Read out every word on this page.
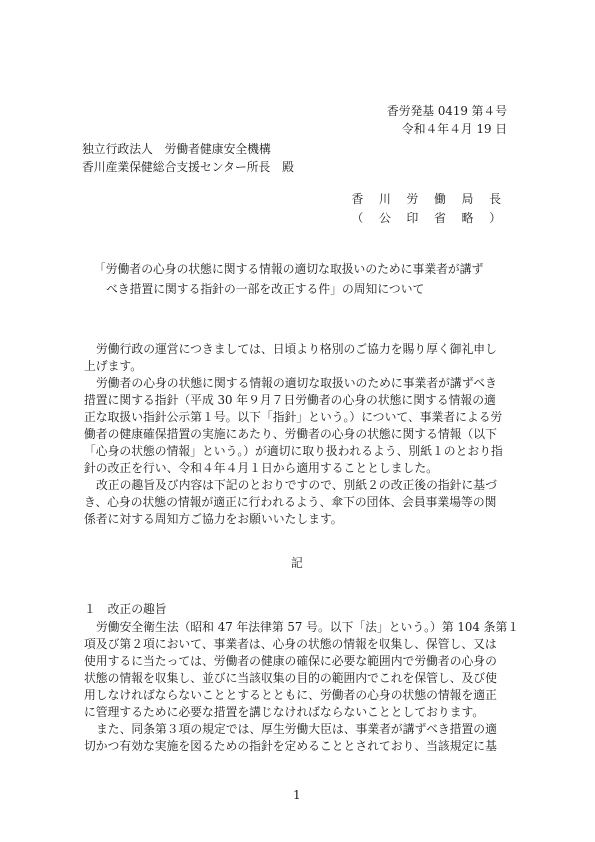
香労発基 0419 第４号
令和４年４月 19 日
独立行政法人　労働者健康安全機構
香川産業保健総合支援センター所長　殿
香 川 労 働 局 長
（ 公 印 省 略 ）
「労働者の心身の状態に関する情報の適切な取扱いのために事業者が講ず
べき措置に関する指針の一部を改正する件」の周知について
労働行政の運営につきましては、日頃より格別のご協力を賜り厚く御礼申し
上げます。
労働者の心身の状態に関する情報の適切な取扱いのために事業者が講ずべき
措置に関する指針（平成 30 年９月７日労働者の心身の状態に関する情報の適
正な取扱い指針公示第１号。以下「指針」という。）について、事業者による労
働者の健康確保措置の実施にあたり、労働者の心身の状態に関する情報（以下
「心身の状態の情報」という。）が適切に取り扱われるよう、別紙１のとおり指
針の改正を行い、令和４年４月１日から適用することとしました。
改正の趣旨及び内容は下記のとおりですので、別紙２の改正後の指針に基づ
き、心身の状態の情報が適正に行われるよう、傘下の団体、会員事業場等の関
係者に対する周知方ご協力をお願いいたします。
記
１　改正の趣旨
労働安全衛生法（昭和 47 年法律第 57 号。以下「法」という。）第 104 条第１
項及び第２項において、事業者は、心身の状態の情報を収集し、保管し、又は
使用するに当たっては、労働者の健康の確保に必要な範囲内で労働者の心身の
状態の情報を収集し、並びに当該収集の目的の範囲内でこれを保管し、及び使
用しなければならないこととするとともに、労働者の心身の状態の情報を適正
に管理するために必要な措置を講じなければならないこととしております。
また、同条第３項の規定では、厚生労働大臣は、事業者が講ずべき措置の適
切かつ有効な実施を図るための指針を定めることとされており、当該規定に基
1
